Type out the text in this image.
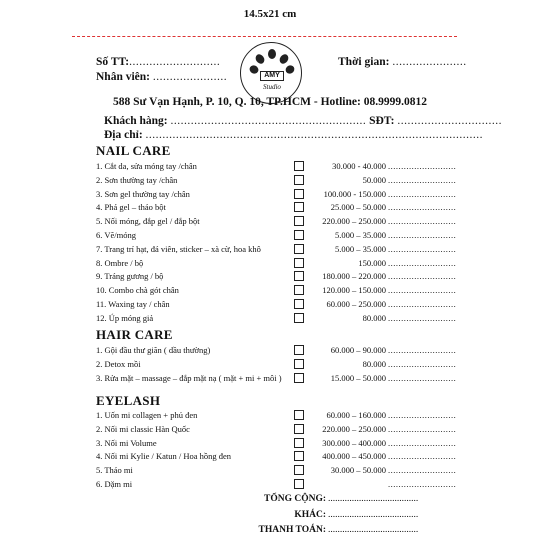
14.5x21 cm
Số TT:...........................
Nhân viên: ......................
Thời gian: ......................
AMY
Studio
588 Sư Vạn Hạnh, P. 10, Q. 10, TP.HCM - Hotline: 08.9999.0812
Khách hàng: .......................................................... SĐT: ...............................
Địa chỉ: ....................................................................................................
NAIL CARE
1. Cắt da, sửa móng tay /chân	30.000 - 40.000 ..........................
2. Sơn thường tay /chân	50.000 ..........................
3. Sơn gel thường tay /chân	100.000 - 150.000 ..........................
4. Phá gel – tháo bột	25.000 – 50.000 ..........................
5. Nối móng, đắp gel / đắp bột	220.000 – 250.000 ..........................
6. Vẽ/móng	5.000 – 35.000 ..........................
7. Trang trí hạt, đá viên, sticker – xà cừ, hoa khô	5.000 – 35.000 ..........................
8. Ombre / bộ	150.000 ..........................
9. Tráng gương / bộ	180.000 – 220.000 ..........................
10. Combo chà gót chân	120.000 – 150.000 ..........................
11. Waxing tay / chân	60.000 – 250.000 ..........................
12. Úp móng giả	80.000 ..........................
HAIR CARE
1. Gội đầu thư giãn ( dầu thường)	60.000 – 90.000 ..........................
2. Detox mồi	80.000 ..........................
3. Rửa mặt – massage – đắp mặt nạ ( mặt + mi + môi )	15.000 – 50.000 ..........................
EYELASH
1. Uốn mi collagen + phủ đen	60.000 – 160.000 ..........................
2. Nối mi classic Hàn Quốc	220.000 – 250.000 ..........................
3. Nối mi Volume	300.000 – 400.000 ..........................
4. Nối mi Kylie / Katun / Hoa hồng đen	400.000 – 450.000 ..........................
5. Tháo mi	30.000 – 50.000 ..........................
6. Dặm mi	..........................
TỔNG CỘNG: ......................................
KHÁC: ......................................
THANH TOÁN: ......................................
